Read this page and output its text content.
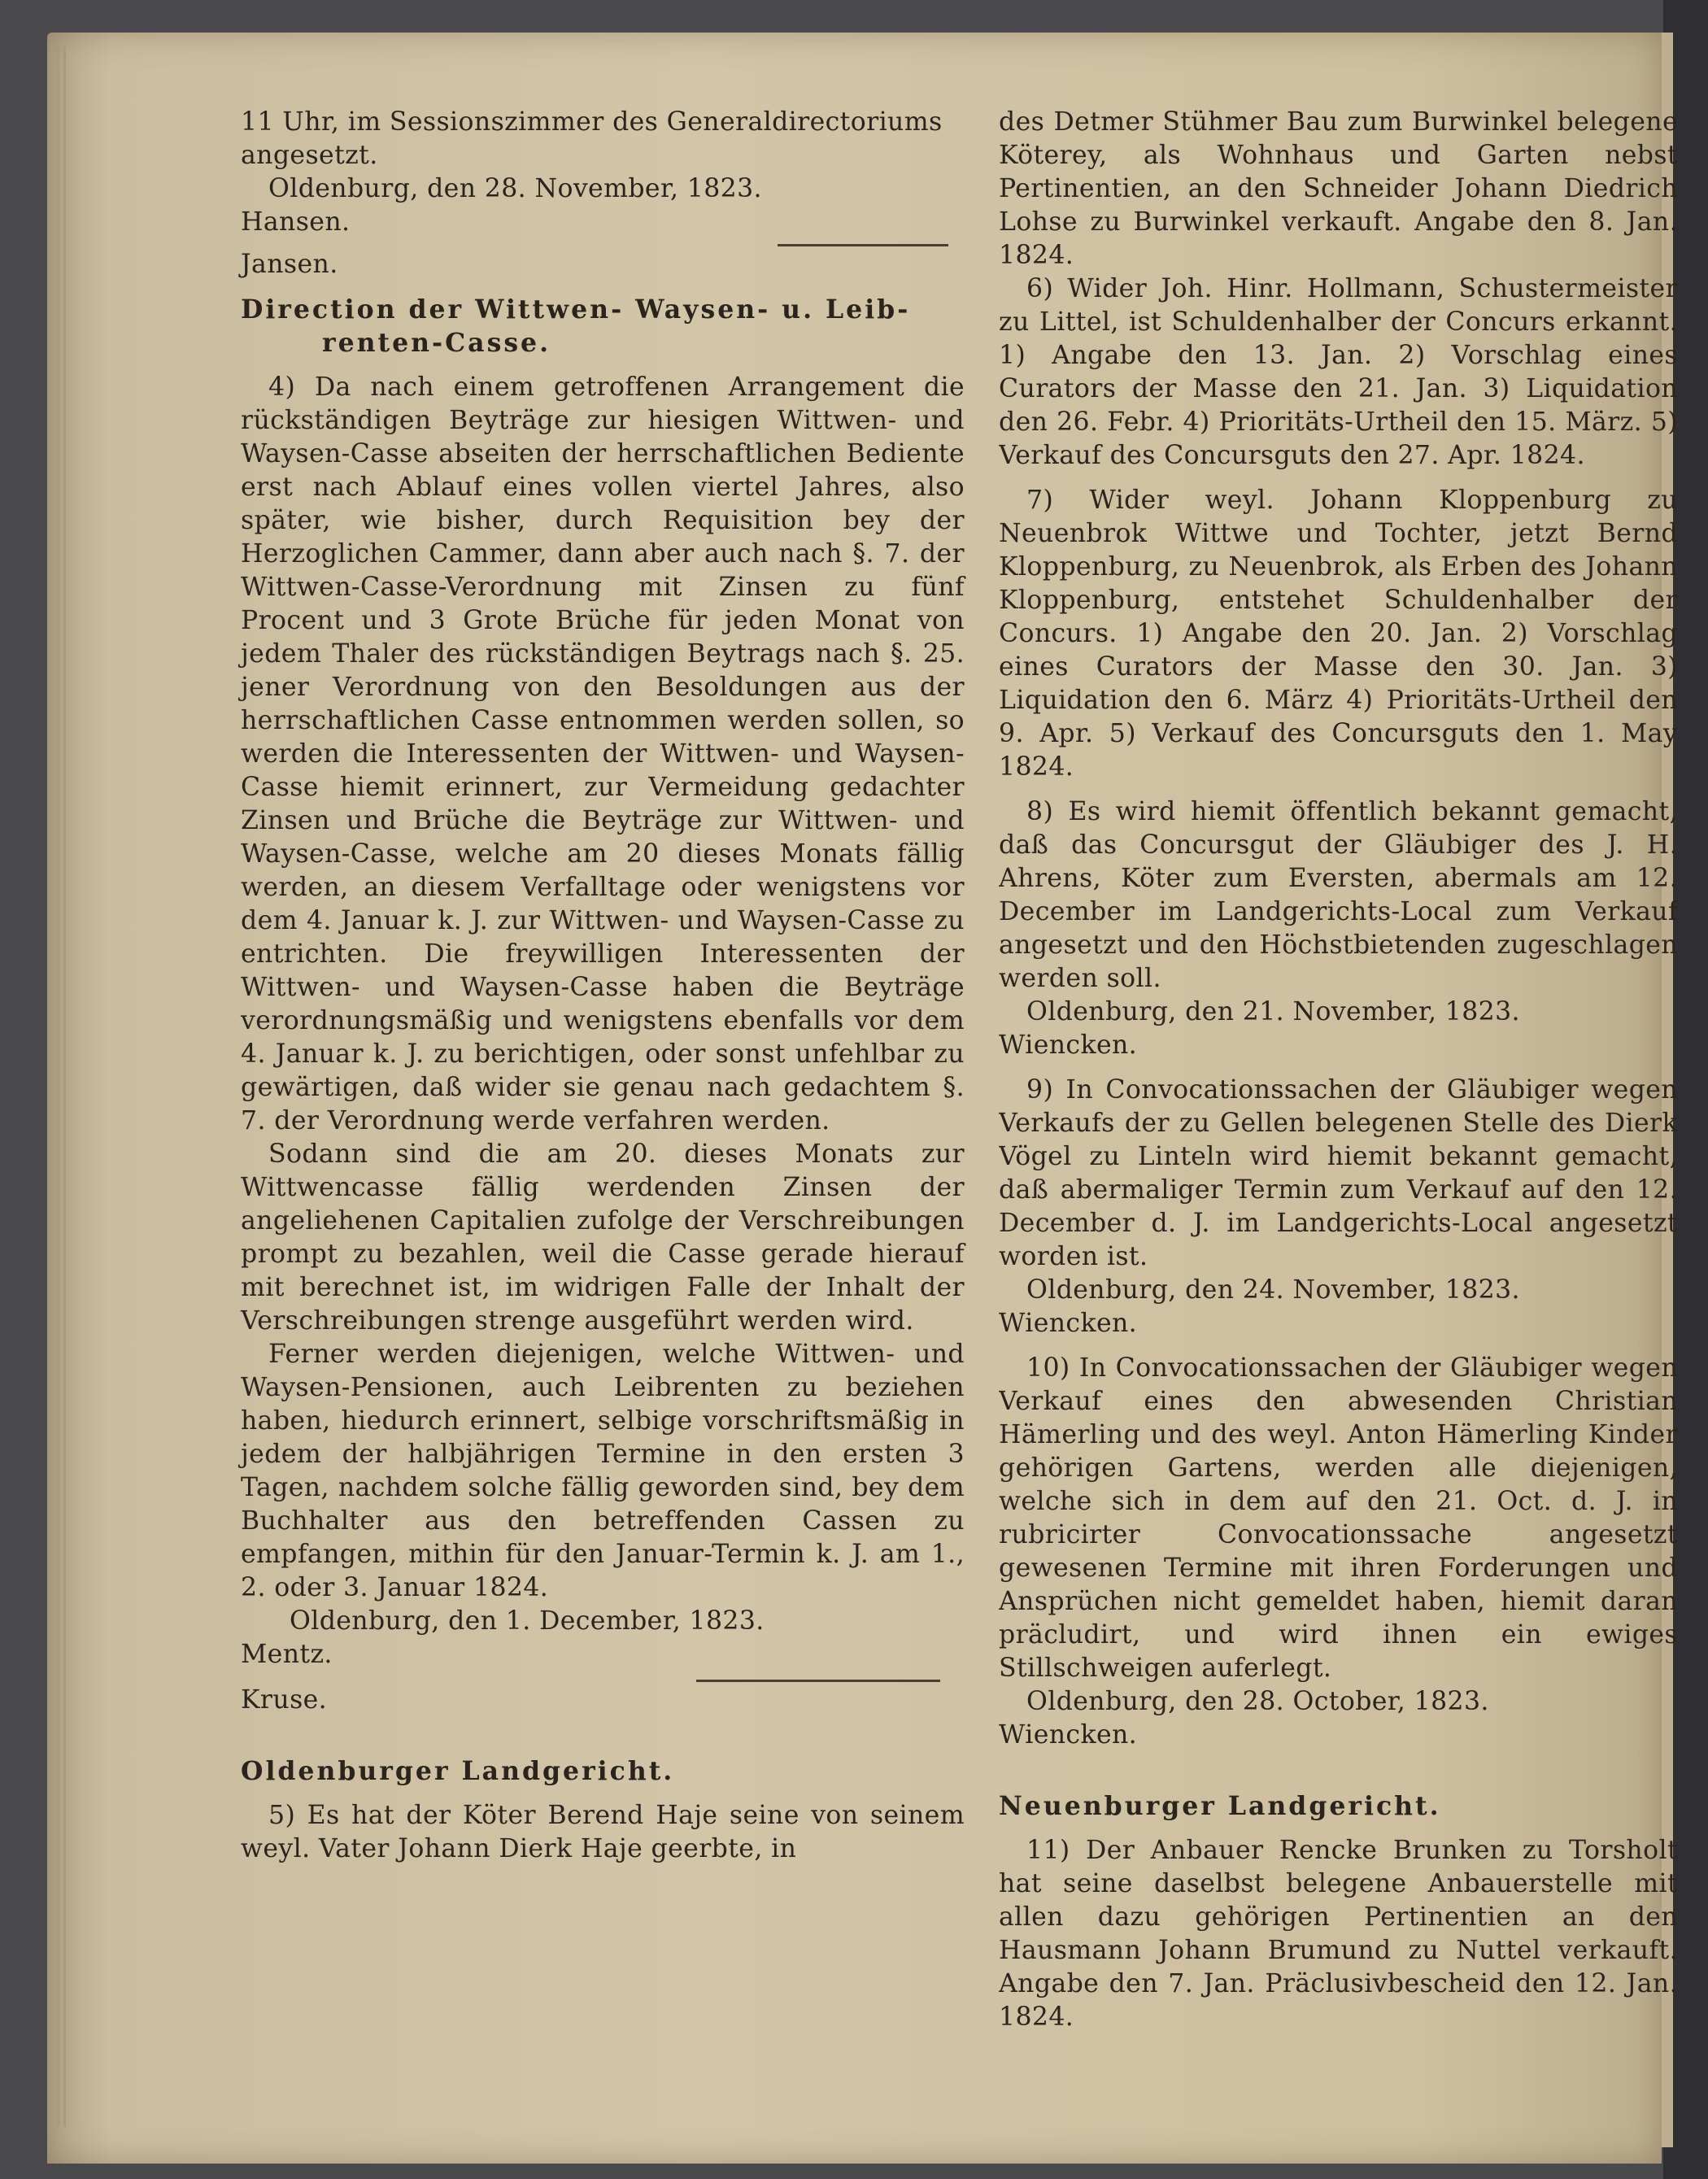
11 Uhr, im Sessionszimmer des Generaldirectoriums

angesetzt.

Oldenburg, den 28. November, 1823.

Hansen.

Jansen.

Direction der Wittwen- Waysen- u. Leib-

renten-Casse.

4) Da nach einem getroffenen Arrangement die rückständigen Beyträge zur hiesigen Wittwen- und Waysen-Casse abseiten der herrschaftlichen Bediente erst nach Ablauf eines vollen viertel Jahres, also später, wie bisher, durch Requisition bey der Herzoglichen Cammer, dann aber auch nach §. 7. der Wittwen-Casse-Verordnung mit Zinsen zu fünf Procent und 3 Grote Brüche für jeden Monat von jedem Thaler des rückständigen Beytrags nach §. 25. jener Verordnung von den Besoldungen aus der herrschaftlichen Casse entnommen werden sollen, so werden die Interessenten der Wittwen- und Waysen-Casse hiemit erinnert, zur Vermeidung gedachter Zinsen und Brüche die Beyträge zur Wittwen- und Waysen-Casse, welche am 20 dieses Monats fällig werden, an diesem Verfalltage oder wenigstens vor dem 4. Januar k. J. zur Wittwen- und Waysen-Casse zu entrichten. Die freywilligen Interessenten der Wittwen- und Waysen-Casse haben die Beyträge verordnungsmäßig und wenigstens ebenfalls vor dem 4. Januar k. J. zu berichtigen, oder sonst unfehlbar zu gewärtigen, daß wider sie genau nach gedachtem §. 7. der Verordnung werde verfahren werden.

Sodann sind die am 20. dieses Monats zur Wittwencasse fällig werdenden Zinsen der angeliehenen Capitalien zufolge der Verschreibungen prompt zu bezahlen, weil die Casse gerade hierauf mit berechnet ist, im widrigen Falle der Inhalt der Verschreibungen strenge ausgeführt werden wird.

Ferner werden diejenigen, welche Wittwen- und Waysen-Pensionen, auch Leibrenten zu beziehen haben, hiedurch erinnert, selbige vorschriftsmäßig in jedem der halbjährigen Termine in den ersten 3 Tagen, nachdem solche fällig geworden sind, bey dem Buchhalter aus den betreffenden Cassen zu empfangen, mithin für den Januar-Termin k. J. am 1., 2. oder 3. Januar 1824.

Oldenburg, den 1. December, 1823.

Mentz.

Kruse.

Oldenburger Landgericht.

5) Es hat der Köter Berend Haje seine von seinem weyl. Vater Johann Dierk Haje geerbte, in

des Detmer Stühmer Bau zum Burwinkel belegene Köterey, als Wohnhaus und Garten nebst Pertinentien, an den Schneider Johann Diedrich Lohse zu Burwinkel verkauft. Angabe den 8. Jan. 1824.

6) Wider Joh. Hinr. Hollmann, Schustermeister zu Littel, ist Schuldenhalber der Concurs erkannt. 1) Angabe den 13. Jan. 2) Vorschlag eines Curators der Masse den 21. Jan. 3) Liquidation den 26. Febr. 4) Prioritäts-Urtheil den 15. März. 5) Verkauf des Concursguts den 27. Apr. 1824.

7) Wider weyl. Johann Kloppenburg zu Neuenbrok Wittwe und Tochter, jetzt Bernd Kloppenburg, zu Neuenbrok, als Erben des Johann Kloppenburg, entstehet Schuldenhalber der Concurs. 1) Angabe den 20. Jan. 2) Vorschlag eines Curators der Masse den 30. Jan. 3) Liquidation den 6. März 4) Prioritäts-Urtheil den 9. Apr. 5) Verkauf des Concursguts den 1. May 1824.

8) Es wird hiemit öffentlich bekannt gemacht, daß das Concursgut der Gläubiger des J. H. Ahrens, Köter zum Eversten, abermals am 12. December im Landgerichts-Local zum Verkauf angesetzt und den Höchstbietenden zugeschlagen werden soll.

Oldenburg, den 21. November, 1823.

Wiencken.

9) In Convocationssachen der Gläubiger wegen Verkaufs der zu Gellen belegenen Stelle des Dierk Vögel zu Linteln wird hiemit bekannt gemacht, daß abermaliger Termin zum Verkauf auf den 12. December d. J. im Landgerichts-Local angesetzt worden ist.

Oldenburg, den 24. November, 1823.

Wiencken.

10) In Convocationssachen der Gläubiger wegen Verkauf eines den abwesenden Christian Hämerling und des weyl. Anton Hämerling Kinder gehörigen Gartens, werden alle diejenigen, welche sich in dem auf den 21. Oct. d. J. in rubricirter Convocationssache angesetzt gewesenen Termine mit ihren Forderungen und Ansprüchen nicht gemeldet haben, hiemit daran präcludirt, und wird ihnen ein ewiges Stillschweigen auferlegt.

Oldenburg, den 28. October, 1823.

Wiencken.

Neuenburger Landgericht.

11) Der Anbauer Rencke Brunken zu Torsholt hat seine daselbst belegene Anbauerstelle mit allen dazu gehörigen Pertinentien an den Hausmann Johann Brumund zu Nuttel verkauft. Angabe den 7. Jan. Präclusivbescheid den 12. Jan. 1824.
